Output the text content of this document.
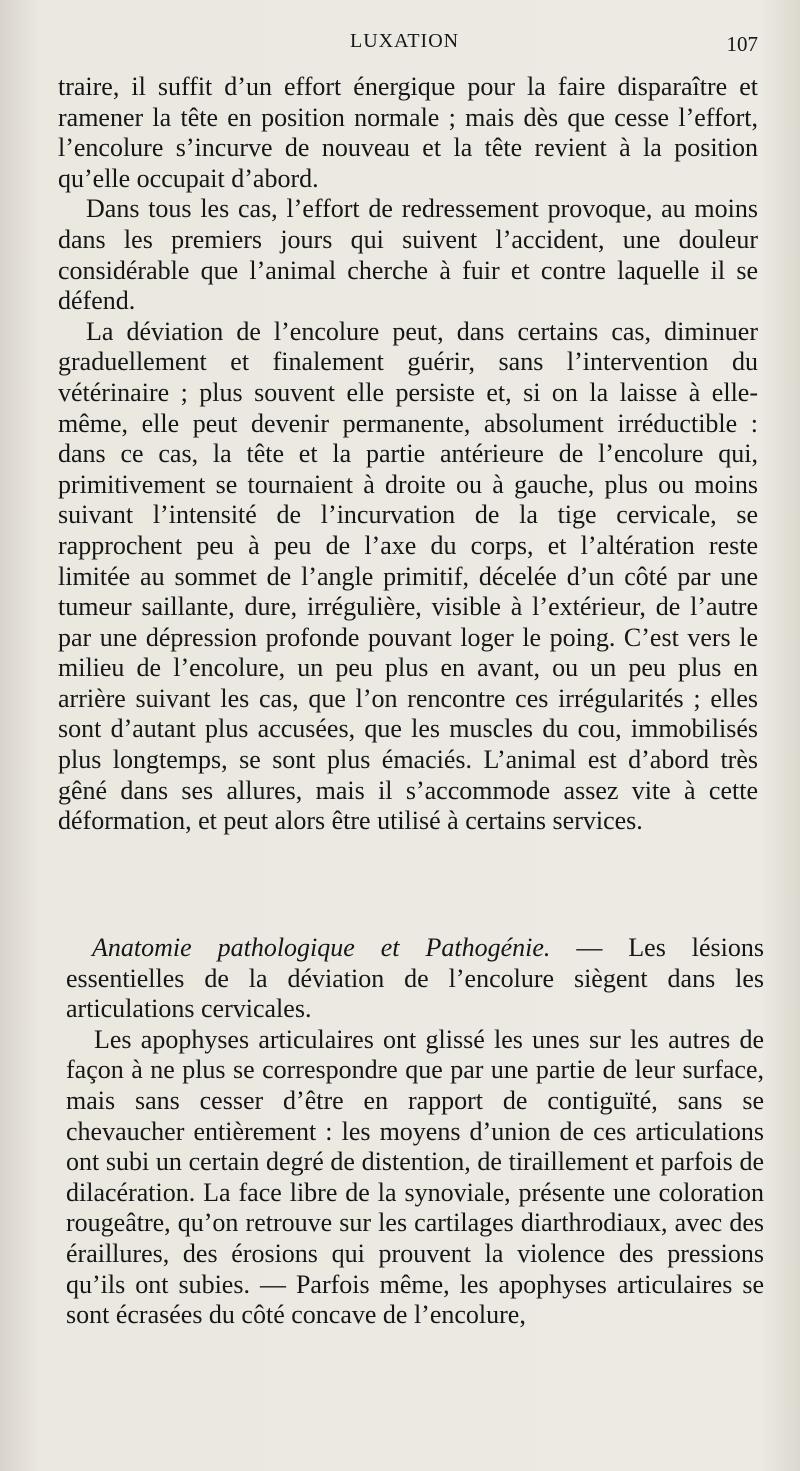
LUXATION	107

traire, il suffit d’un effort énergique pour la faire disparaître et ramener la tête en position normale ; mais dès que cesse l’effort, l’encolure s’incurve de nouveau et la tête revient à la position qu’elle occupait d’abord.

Dans tous les cas, l’effort de redressement provoque, au moins dans les premiers jours qui suivent l’accident, une douleur considérable que l’animal cherche à fuir et contre laquelle il se défend.

La déviation de l’encolure peut, dans certains cas, diminuer graduellement et finalement guérir, sans l’intervention du vétérinaire ; plus souvent elle persiste et, si on la laisse à elle-même, elle peut devenir permanente, absolument irréductible : dans ce cas, la tête et la partie antérieure de l’encolure qui, primitivement se tournaient à droite ou à gauche, plus ou moins suivant l’intensité de l’incurvation de la tige cervicale, se rapprochent peu à peu de l’axe du corps, et l’altération reste limitée au sommet de l’angle primitif, décelée d’un côté par une tumeur saillante, dure, irrégulière, visible à l’extérieur, de l’autre par une dépression profonde pouvant loger le poing. C’est vers le milieu de l’encolure, un peu plus en avant, ou un peu plus en arrière suivant les cas, que l’on rencontre ces irrégularités ; elles sont d’autant plus accusées, que les muscles du cou, immobilisés plus longtemps, se sont plus émaciés. L’animal est d’abord très gêné dans ses allures, mais il s’accommode assez vite à cette déformation, et peut alors être utilisé à certains services.

Anatomie pathologique et Pathogénie. — Les lésions essentielles de la déviation de l’encolure siègent dans les articulations cervicales.

Les apophyses articulaires ont glissé les unes sur les autres de façon à ne plus se correspondre que par une partie de leur surface, mais sans cesser d’être en rapport de contiguïté, sans se chevaucher entièrement : les moyens d’union de ces articulations ont subi un certain degré de distention, de tiraillement et parfois de dilacération. La face libre de la synoviale, présente une coloration rougeâtre, qu’on retrouve sur les cartilages diarthrodiaux, avec des éraillures, des érosions qui prouvent la violence des pressions qu’ils ont subies. — Parfois même, les apophyses articulaires se sont écrasées du côté concave de l’encolure,
